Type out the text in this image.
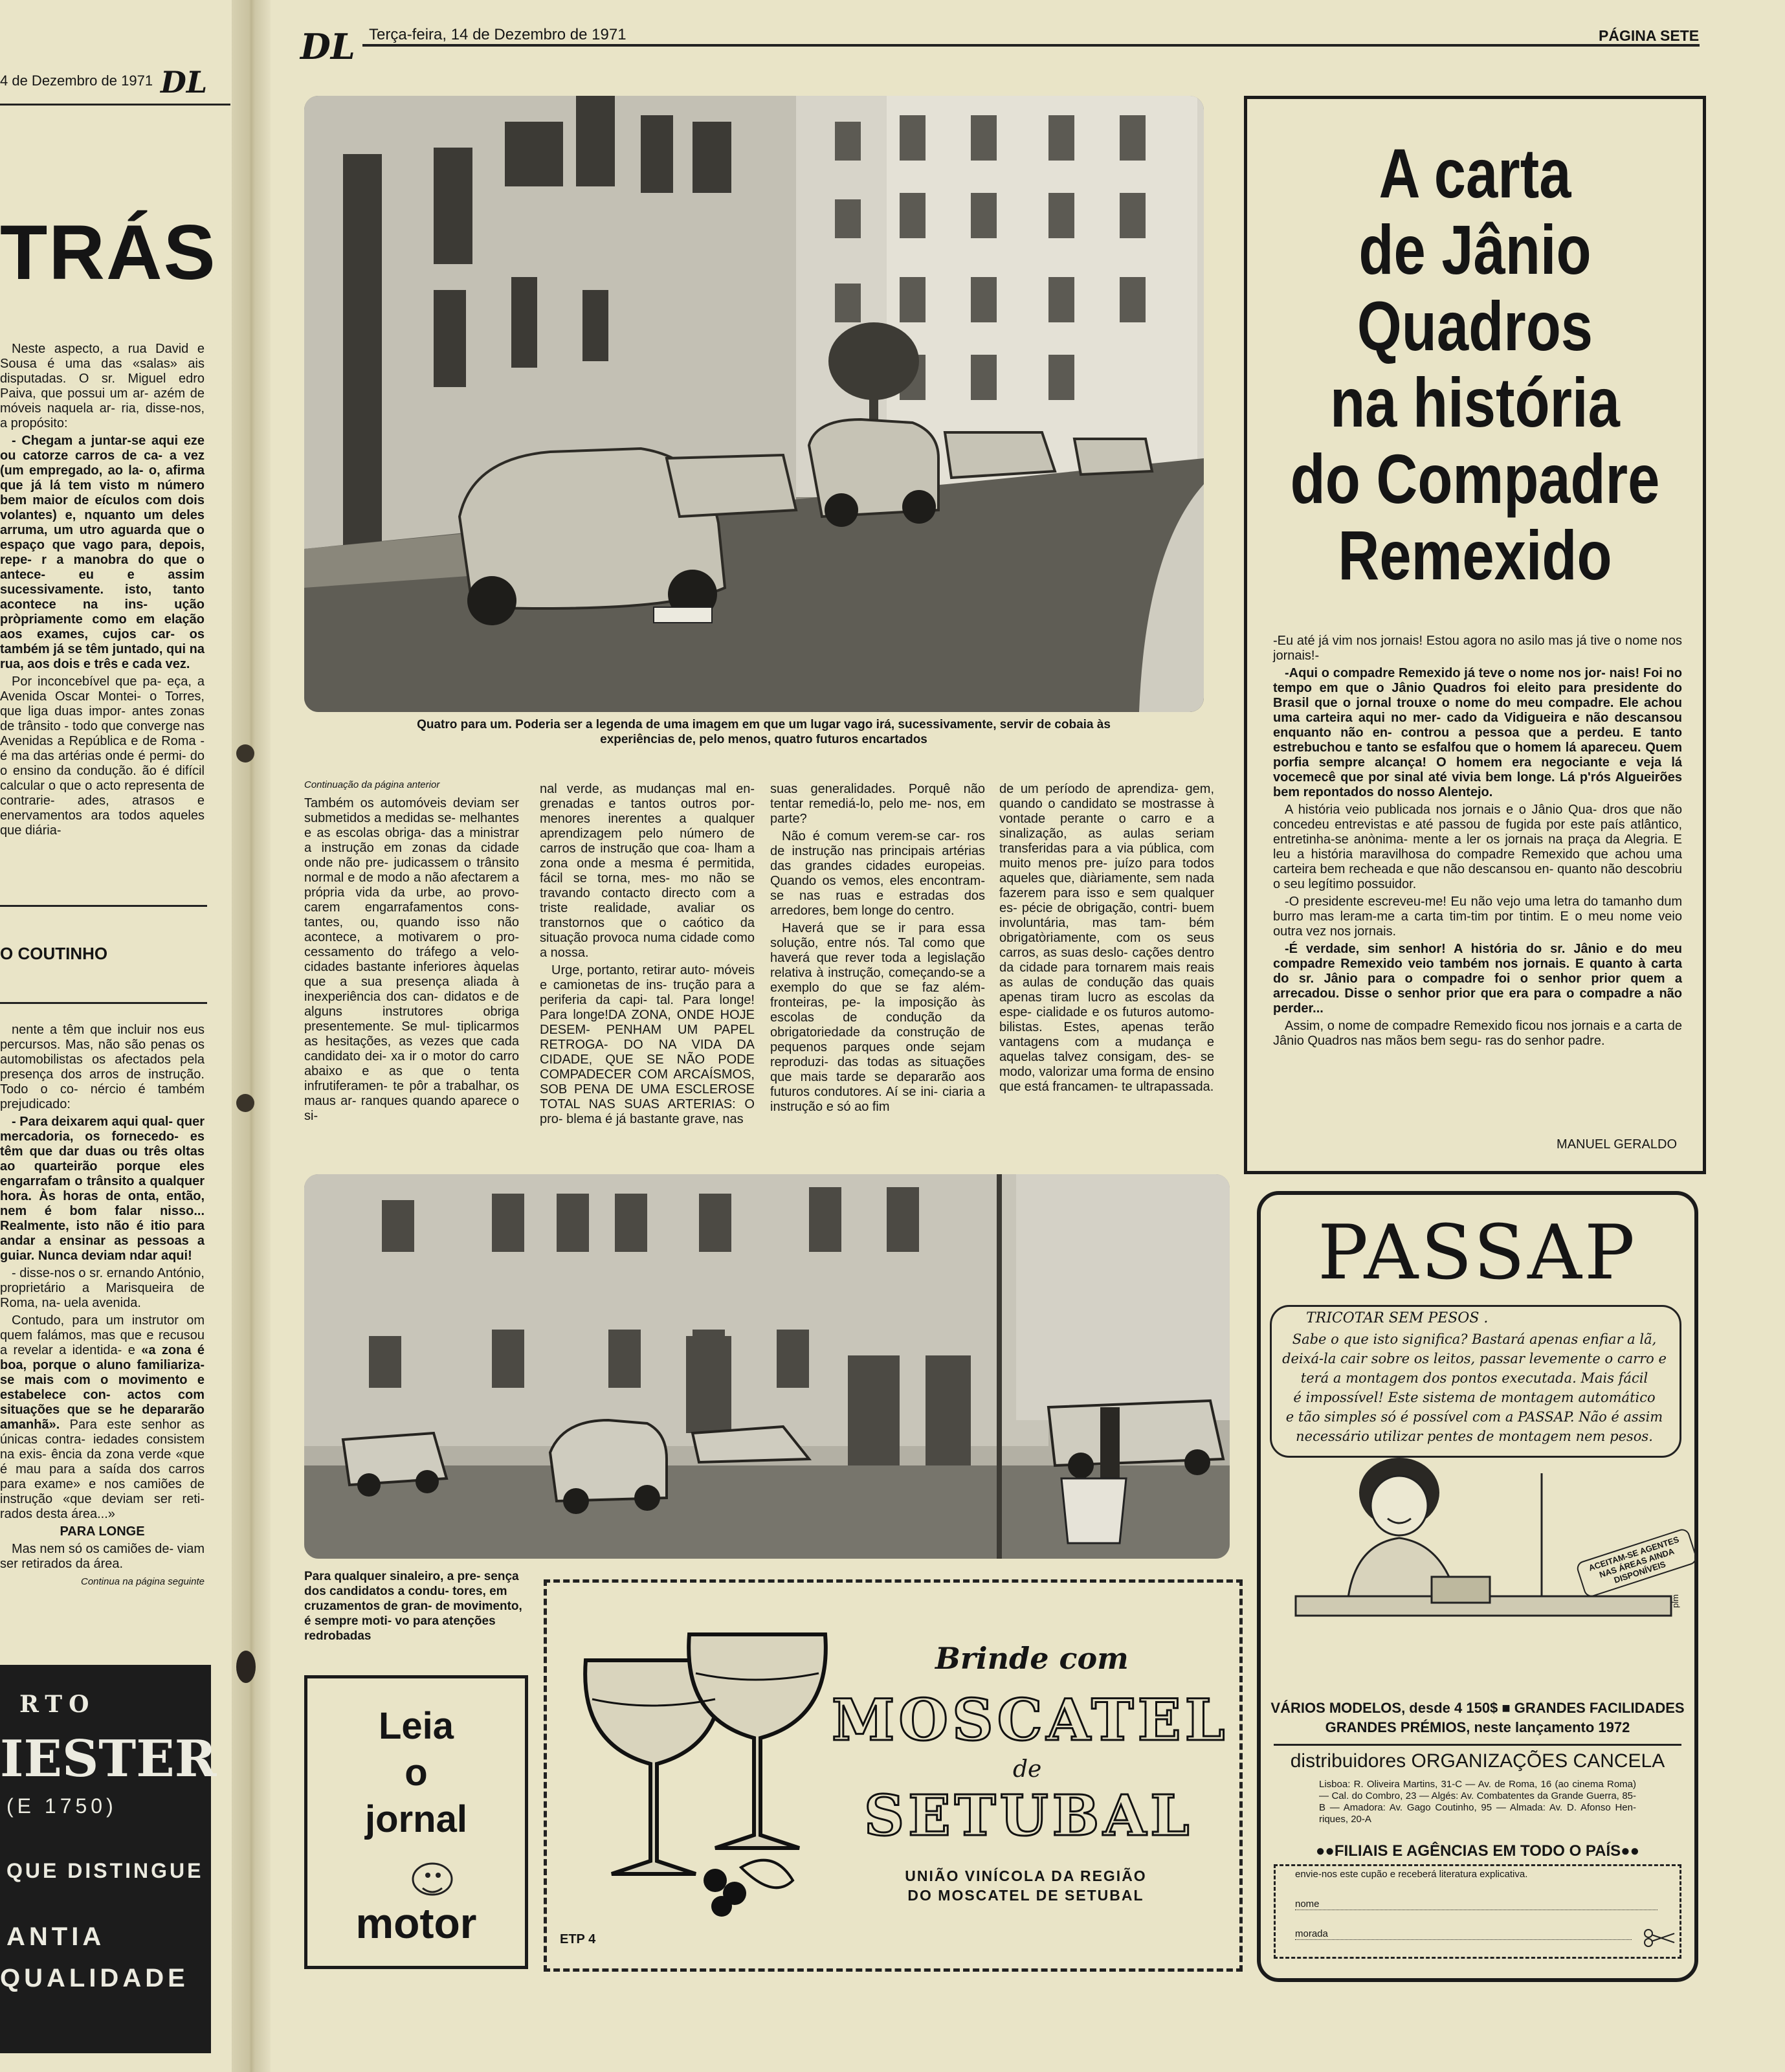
4 de Dezembro de 1971 DL
TRÁS

Neste aspecto, a rua David e Sousa é uma das «salas» ais disputadas. O sr. Miguel edro Paiva, que possui um ar- azém de móveis naquela ar- ria, disse-nos, a propósito:

- Chegam a juntar-se aqui eze ou catorze carros de ca- a vez (um empregado, ao la- o, afirma que já lá tem visto m número bem maior de eículos com dois volantes) e, nquanto um deles arruma, um utro aguarda que o espaço que vago para, depois, repe- r a manobra do que o antece- eu e assim sucessivamente. isto, tanto acontece na ins- ução pròpriamente como em elação aos exames, cujos car- os também já se têm juntado, qui na rua, aos dois e três e cada vez.

Por inconcebível que pa- eça, a Avenida Oscar Montei- o Torres, que liga duas impor- antes zonas de trânsito - todo que converge nas Avenidas a República e de Roma - é ma das artérias onde é permi- do o ensino da condução. ão é difícil calcular o que o acto representa de contrarie- ades, atrasos e enervamentos ara todos aqueles que diária-

O COUTINHO

nente a têm que incluir nos eus percursos. Mas, não são penas os automobilistas os afectados pela presença dos arros de instrução. Todo o co- nércio é também prejudicado:

- Para deixarem aqui qual- quer mercadoria, os fornecedo- es têm que dar duas ou três oltas ao quarteirão porque eles engarrafam o trânsito a qualquer hora. Às horas de onta, então, nem é bom falar nisso... Realmente, isto não é itio para andar a ensinar as pessoas a guiar. Nunca deviam ndar aqui!

- disse-nos o sr. ernando António, proprietário a Marisqueira de Roma, na- uela avenida.

Contudo, para um instrutor om quem falámos, mas que e recusou a revelar a identida- e «a zona é boa, porque o aluno familiariza-se mais com o movimento e estabelece con- actos com situações que se he depararão amanhã». Para este senhor as únicas contra- iedades consistem na exis- ência da zona verde «que é mau para a saída dos carros para exame» e nos camiões de instrução «que deviam ser reti- rados desta área...»

PARA LONGE

Mas nem só os camiões de- viam ser retirados da área.

Continua na página seguinte

RTO
IESTER
(E 1750)
QUE DISTINGUE
ANTIA
QUALIDADE
DL Terça-feira, 14 de Dezembro de 1971	PÁGINA SETE
Quatro para um. Poderia ser a legenda de uma imagem em que um lugar vago irá, sucessivamente, servir de cobaia às experiências de, pelo menos, quatro futuros encartados
Continuação da página anterior

Também os automóveis deviam ser submetidos a medidas se- melhantes e as escolas obriga- das a ministrar a instrução em zonas da cidade onde não pre- judicassem o trânsito normal e de modo a não afectarem a própria vida da urbe, ao provo- carem engarrafamentos cons- tantes, ou, quando isso não acontece, a motivarem o pro- cessamento do tráfego a velo- cidades bastante inferiores àquelas que a sua presença aliada à inexperiência dos can- didatos e de alguns instrutores obriga presentemente. Se mul- tiplicarmos as hesitações, as vezes que cada candidato dei- xa ir o motor do carro abaixo e as que o tenta infrutiferamen- te pôr a trabalhar, os maus ar- ranques quando aparece o si-

nal verde, as mudanças mal en- grenadas e tantos outros por- menores inerentes a qualquer aprendizagem pelo número de carros de instrução que coa- lham a zona onde a mesma é permitida, fácil se torna, mes- mo não se travando contacto directo com a triste realidade, avaliar os transtornos que o caótico da situação provoca numa cidade como a nossa.

Urge, portanto, retirar auto- móveis e camionetas de ins- trução para a periferia da capi- tal. Para longe! Para longe!DA ZONA, ONDE HOJE DESEM- PENHAM UM PAPEL RETROGA- DO NA VIDA DA CIDADE, QUE SE NÃO PODE COMPADECER COM ARCAÍSMOS, SOB PENA DE UMA ESCLEROSE TOTAL NAS SUAS ARTERIAS: O pro- blema é já bastante grave, nas

suas generalidades. Porquê não tentar remediá-lo, pelo me- nos, em parte?

Não é comum verem-se car- ros de instrução nas principais artérias das grandes cidades europeias. Quando os vemos, eles encontram-se nas ruas e estradas dos arredores, bem longe do centro.

Haverá que se ir para essa solução, entre nós. Tal como que haverá que rever toda a legislação relativa à instrução, começando-se a exemplo do que se faz além-fronteiras, pe- la imposição às escolas de condução da obrigatoriedade da construção de pequenos parques onde sejam reproduzi- das todas as situações que mais tarde se depararão aos futuros condutores. Aí se ini- ciaria a instrução e só ao fim

de um período de aprendiza- gem, quando o candidato se mostrasse à vontade perante o carro e a sinalização, as aulas seriam transferidas para a via pública, com muito menos pre- juízo para todos aqueles que, diàriamente, sem nada fazerem para isso e sem qualquer es- pécie de obrigação, contri- buem involuntária, mas tam- bém obrigatòriamente, com os seus carros, as suas deslo- cações dentro da cidade para tornarem mais reais as aulas de condução das quais apenas tiram lucro as escolas da espe- cialidade e os futuros automo- bilistas. Estes, apenas terão vantagens com a mudança e aquelas talvez consigam, des- se modo, valorizar uma forma de ensino que está francamen- te ultrapassada.

Para qualquer sinaleiro, a pre- sença dos candidatos a condu- tores, em cruzamentos de gran- de movimento, é sempre moti- vo para atenções redrobadas
Leia
o
jornal
motor
Brinde com
MOSCATEL
de
SETUBAL
UNIÃO VINÍCOLA DA REGIÃO
DO MOSCATEL DE SETUBAL
ETP 4
A carta
de Jânio Quadros
na história
do Compadre
Remexido

-Eu até já vim nos jornais! Estou agora no asilo mas já tive o nome nos jornais!-

-Aqui o compadre Remexido já teve o nome nos jor- nais! Foi no tempo em que o Jânio Quadros foi eleito para presidente do Brasil que o jornal trouxe o nome do meu compadre. Ele achou uma carteira aqui no mer- cado da Vidigueira e não descansou enquanto não en- controu a pessoa que a perdeu. E tanto estrebuchou e tanto se esfalfou que o homem lá apareceu. Quem porfia sempre alcança! O homem era negociante e veja lá vocemecê que por sinal até vivia bem longe. Lá p'rós Algueirões bem repontados do nosso Alentejo.

A história veio publicada nos jornais e o Jânio Qua- dros que não concedeu entrevistas e até passou de fugida por este país atlântico, entretinha-se anònima- mente a ler os jornais na praça da Alegria. E leu a história maravilhosa do compadre Remexido que achou uma carteira bem recheada e que não descansou en- quanto não descobriu o seu legítimo possuidor.

-O presidente escreveu-me! Eu não vejo uma letra do tamanho dum burro mas leram-me a carta tim-tim por tintim. E o meu nome veio outra vez nos jornais.

-É verdade, sim senhor! A história do sr. Jânio e do meu compadre Remexido veio também nos jornais. E quanto à carta do sr. Jânio para o compadre foi o senhor prior quem a arrecadou. Disse o senhor prior que era para o compadre a não perder...

Assim, o nome de compadre Remexido ficou nos jornais e a carta de Jânio Quadros nas mãos bem segu- ras do senhor padre.

MANUEL GERALDO
PASSAP
TRICOTAR SEM PESOS .
Sabe o que isto significa? Bastará apenas enfiar a lã,
deixá-la cair sobre os leitos, passar levemente o carro e
terá a montagem dos pontos executada. Mais fácil
é impossível! Este sistema de montagem automático
e tão simples só é possível com a PASSAP. Não é assim
necessário utilizar pentes de montagem nem pesos.
ACEITAM-SE AGENTES NAS ÁREAS AINDA DISPONÍVEIS
plm
VÁRIOS MODELOS, desde 4 150$ ■ GRANDES FACILIDADES
GRANDES PRÉMIOS, neste lançamento 1972
distribuidores ORGANIZAÇÕES CANCELA
Lisboa: R. Oliveira Martins, 31-C — Av. de Roma, 16 (ao cinema Roma) — Cal. do Combro, 23 — Algés: Av. Combatentes da Grande Guerra, 85-B — Amadora: Av. Gago Coutinho, 95 — Almada: Av. D. Afonso Hen- riques, 20-A
●●FILIAIS E AGÊNCIAS EM TODO O PAÍS●●
envie-nos este cupão e receberá literatura explicativa.
nome
morada
